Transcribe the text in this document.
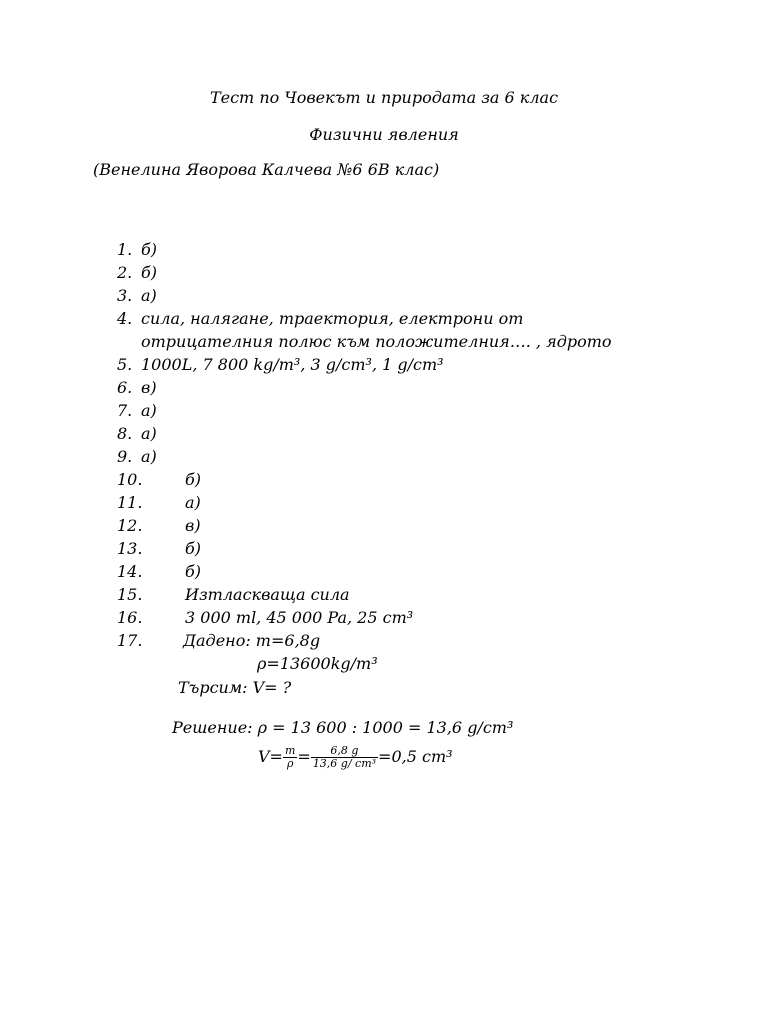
Тест по Човекът и природата за 6 клас
Физични явления
(Венелина Яворова Калчева №6 6В клас)
1. б)
2. б)
3. а)
4. сила, налягане, траектория, електрони от
отрицателния полюс към положителния…. , ядрото
5. 1000L, 7 800 kg/m³, 3 g/cm³, 1 g/cm³
6. в)
7. а)
8. а)
9. а)
10.	б)
11.	а)
12.	в)
13.	б)
14.	б)
15.	Изтласкваща сила
16.	3 000 ml, 45 000 Pa, 25 cm³
17.	Дадено: m=6,8g
ρ=13600kg/m³
Търсим: V= ?
Решение: ρ = 13 600 : 1000 = 13,6 g/cm³
$V= \frac{m}{\rho} = \frac{6,8 g}{\text{13,6 g/ cm³}} =0,5$ cm³
